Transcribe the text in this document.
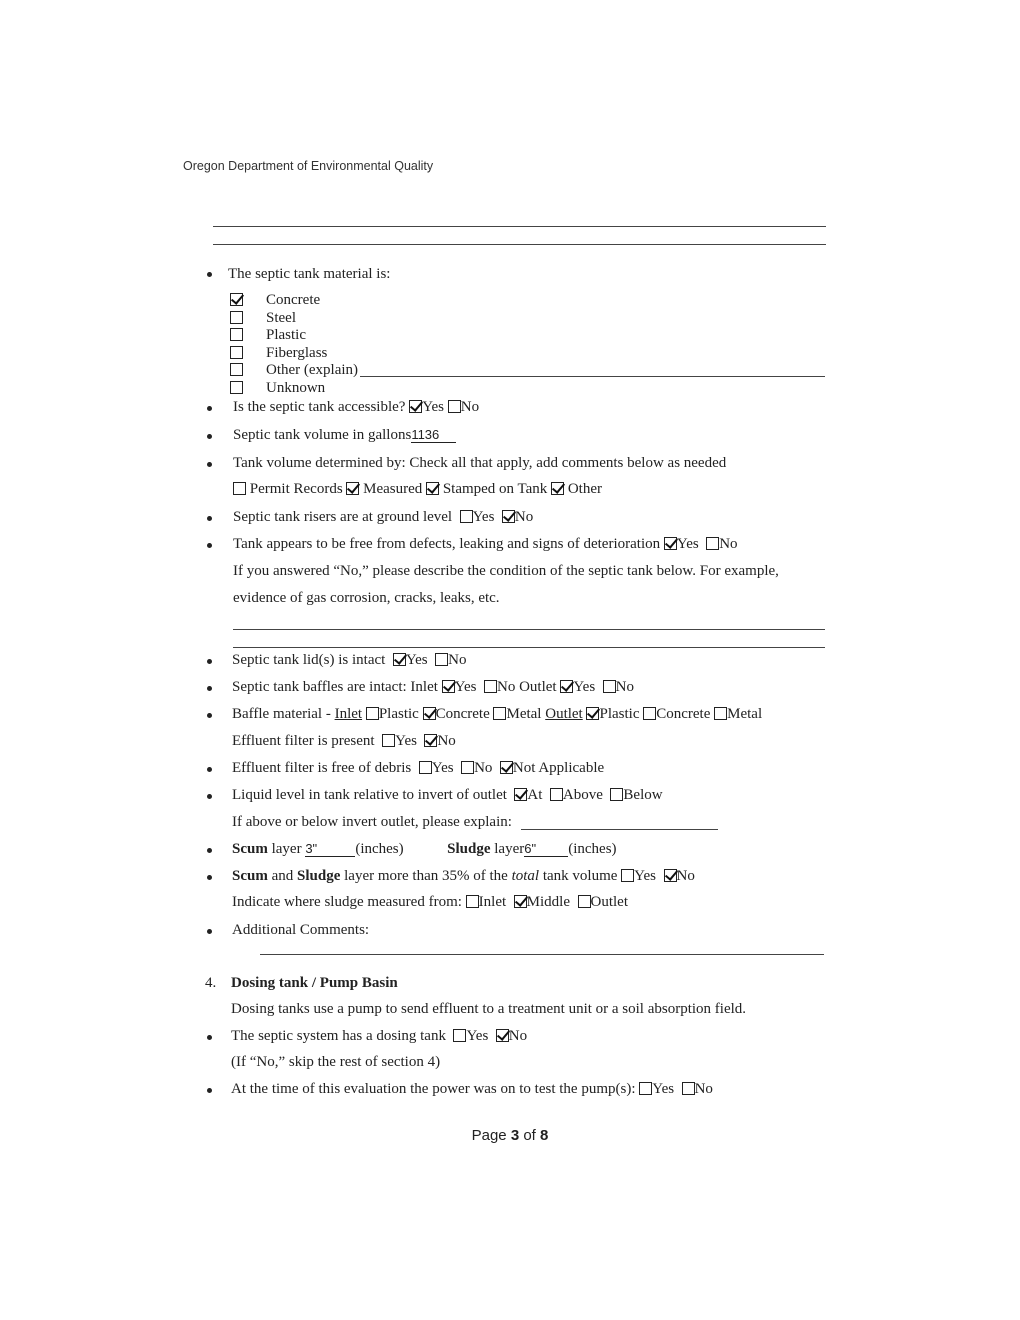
Oregon Department of Environmental Quality
The septic tank material is:
Concrete
Steel
Plastic
Fiberglass
Other (explain)
Unknown
Is the septic tank accessible? Yes No
Septic tank volume in gallons1136
Tank volume determined by: Check all that apply, add comments below as needed
Permit Records Measured Stamped on Tank Other
Septic tank risers are at ground level Yes No
Tank appears to be free from defects, leaking and signs of deterioration Yes No
If you answered “No,” please describe the condition of the septic tank below. For example,
evidence of gas corrosion, cracks, leaks, etc.
Septic tank lid(s) is intact Yes No
Septic tank baffles are intact: Inlet Yes No Outlet Yes No
Baffle material - Inlet Plastic Concrete Metal Outlet Plastic Concrete Metal
Effluent filter is present Yes No
Effluent filter is free of debris Yes No Not Applicable
Liquid level in tank relative to invert of outlet At Above Below
If above or below invert outlet, please explain:
Scum layer 3"	(inches)	Sludge layer6" (inches)
Scum and Sludge layer more than 35% of the total tank volume Yes No
Indicate where sludge measured from: Inlet Middle Outlet
Additional Comments:
4. Dosing tank / Pump Basin
Dosing tanks use a pump to send effluent to a treatment unit or a soil absorption field.
The septic system has a dosing tank Yes No
(If “No,” skip the rest of section 4)
At the time of this evaluation the power was on to test the pump(s): Yes No
Page 3 of 8
